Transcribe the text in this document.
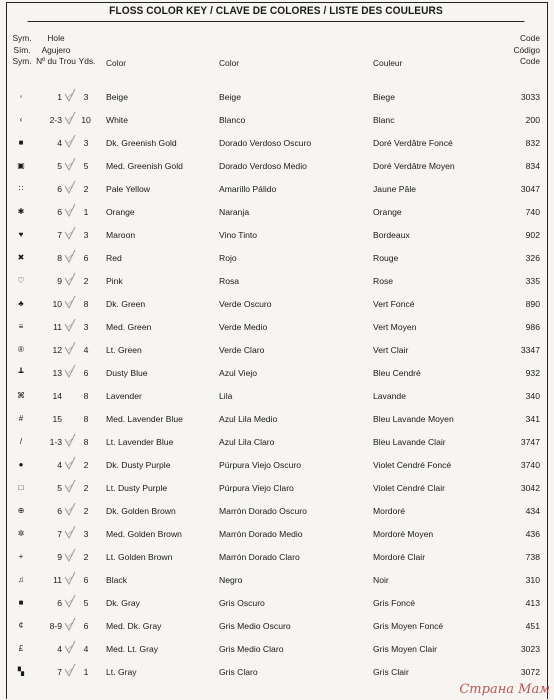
FLOSS COLOR KEY / CLAVE DE COLORES / LISTE DES COULEURS
Sym.
Sím.
Sym.
Hole
Agujero
Nº du Trou Yds.	Color	Color	Couleur
Code
Código
Code
◦	1	3	Beige	Beige	Biege	3033
‹	2-3	10	White	Blanco	Blanc	200
■	4	3	Dk. Greenish Gold	Dorado Verdoso Oscuro	Doré Verdâtre Foncé	832
▣	5	5	Med. Greenish Gold	Dorado Verdoso Medio	Doré Verdâtre Moyen	834
∷	6	2	Pale Yellow	Amarillo Pálido	Jaune Pâle	3047
✱	6	1	Orange	Naranja	Orange	740
♥	7	3	Maroon	Vino Tinto	Bordeaux	902
✖	8	6	Red	Rojo	Rouge	326
♡	9	2	Pink	Rosa	Rose	335
♣	10	8	Dk. Green	Verde Oscuro	Vert Foncé	890
≡	11	3	Med. Green	Verde Medio	Vert Moyen	986
®	12	4	Lt. Green	Verde Claro	Vert Clair	3347
┻	13	6	Dusty Blue	Azul Viejo	Bleu Cendré	932
⌘	14	8	Lavender	Lila	Lavande	340
#	15	8	Med. Lavender Blue	Azul Lila Medio	Bleu Lavande Moyen	341
/	1-3	8	Lt. Lavender Blue	Azul Lila Claro	Bleu Lavande Clair	3747
●	4	2	Dk. Dusty Purple	Púrpura Viejo Oscuro	Violet Cendré Foncé	3740
□	5	2	Lt. Dusty Purple	Púrpura Viejo Claro	Violet Cendré Clair	3042
⊕	6	2	Dk. Golden Brown	Marrón Dorado Oscuro	Mordoré	434
✲	7	3	Med. Golden Brown	Marrón Dorado Medio	Mordoré Moyen	436
+	9	2	Lt. Golden Brown	Marrón Dorado Claro	Mordoré Clair	738
♫	11	6	Black	Negro	Noir	310
■	6	5	Dk. Gray	Gris Oscuro	Gris Foncé	413
¢	8-9	6	Med. Dk. Gray	Gris Medio Oscuro	Gris Moyen Foncé	451
£	4	4	Med. Lt. Gray	Gris Medio Claro	Gris Moyen Clair	3023
▚	7	1	Lt. Gray	Gris Claro	Gris Clair	3072
Страна Мам
